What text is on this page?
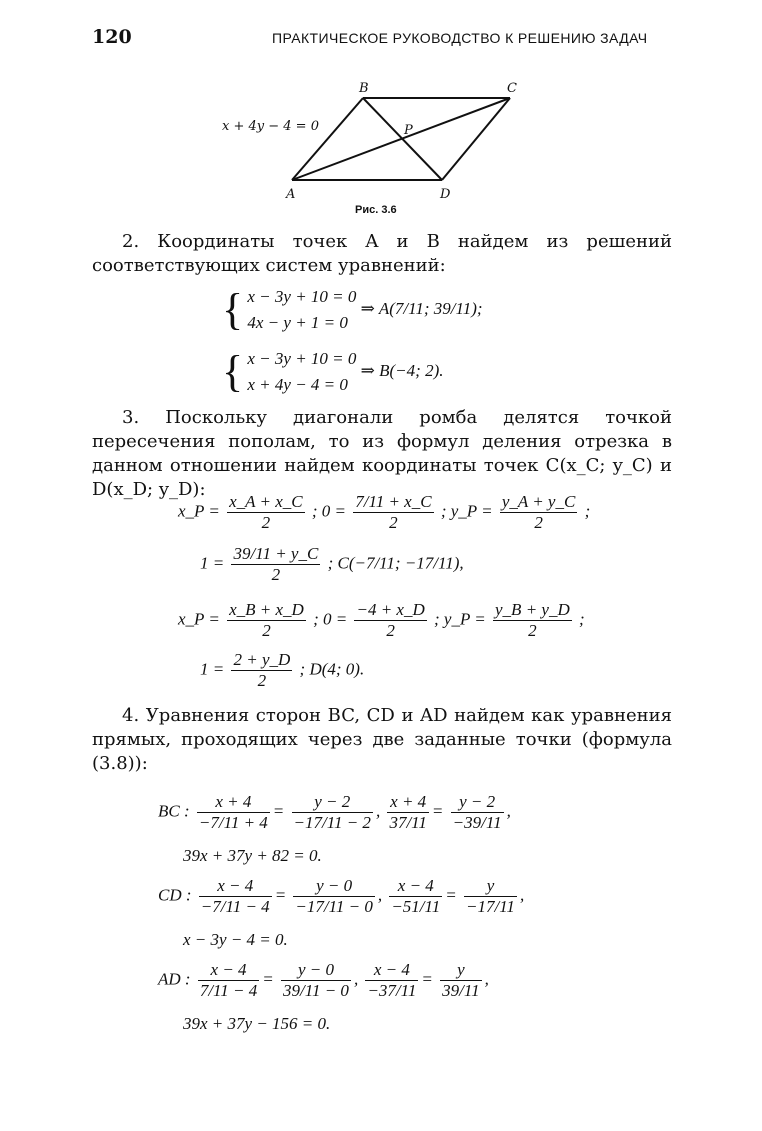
120	ПРАКТИЧЕСКОЕ РУКОВОДСТВО К РЕШЕНИЮ ЗАДАЧ
B	C
A	D
P
x + 4y − 4 = 0
Рис. 3.6
2. Координаты точек A и B найдем из решений соответствующих систем уравнений:
{ x − 3y + 10 = 0
4x − y + 1 = 0
⇒ A(7/11; 39/11);
{ x − 3y + 10 = 0
x + 4y − 4 = 0
⇒ B(−4; 2).
3. Поскольку диагонали ромба делятся точкой пересечения пополам, то из формул деления отрезка в данном отношении найдем координаты точек C(x_C; y_C) и D(x_D; y_D):
x_P = $\frac{x\_A + x\_C}{2}$ ; $0 = \frac{7/11 + x\_C}{2}$ ; y_P = $\frac{y\_A + y\_C}{2}$ ;
$1 = \frac{39/11 + y\_C}{2}$ ; C(−7/11; −17/11),
x_P = $\frac{x\_B + x\_D}{2}$ ; $0 = \frac{-4 + x\_D}{2}$ ; y_P = $\frac{y\_B + y\_D}{2}$ ;
$1 = \frac{2 + y\_D}{2}$ ; D(4; 0).
4. Уравнения сторон BC, CD и AD найдем как уравнения прямых, проходящих через две заданные точки (формула (3.8)):
BC : $\frac{x + 4}{-7/11 + 4} = \frac{y - 2}{-17/11 - 2}$ , $\frac{x + 4}{37/11} = \frac{y - 2}{-39/11}$ ,
39x + 37y + 82 = 0.
CD : $\frac{x - 4}{-7/11 - 4} = \frac{y - 0}{-17/11 - 0}$ , $\frac{x - 4}{-51/11} = \frac{y}{-17/11}$ ,
x − 3y − 4 = 0.
AD : $\frac{x - 4}{7/11 - 4} = \frac{y - 0}{39/11 - 0}$ , $\frac{x - 4}{-37/11} = \frac{y}{39/11}$ ,
39x + 37y − 156 = 0.
